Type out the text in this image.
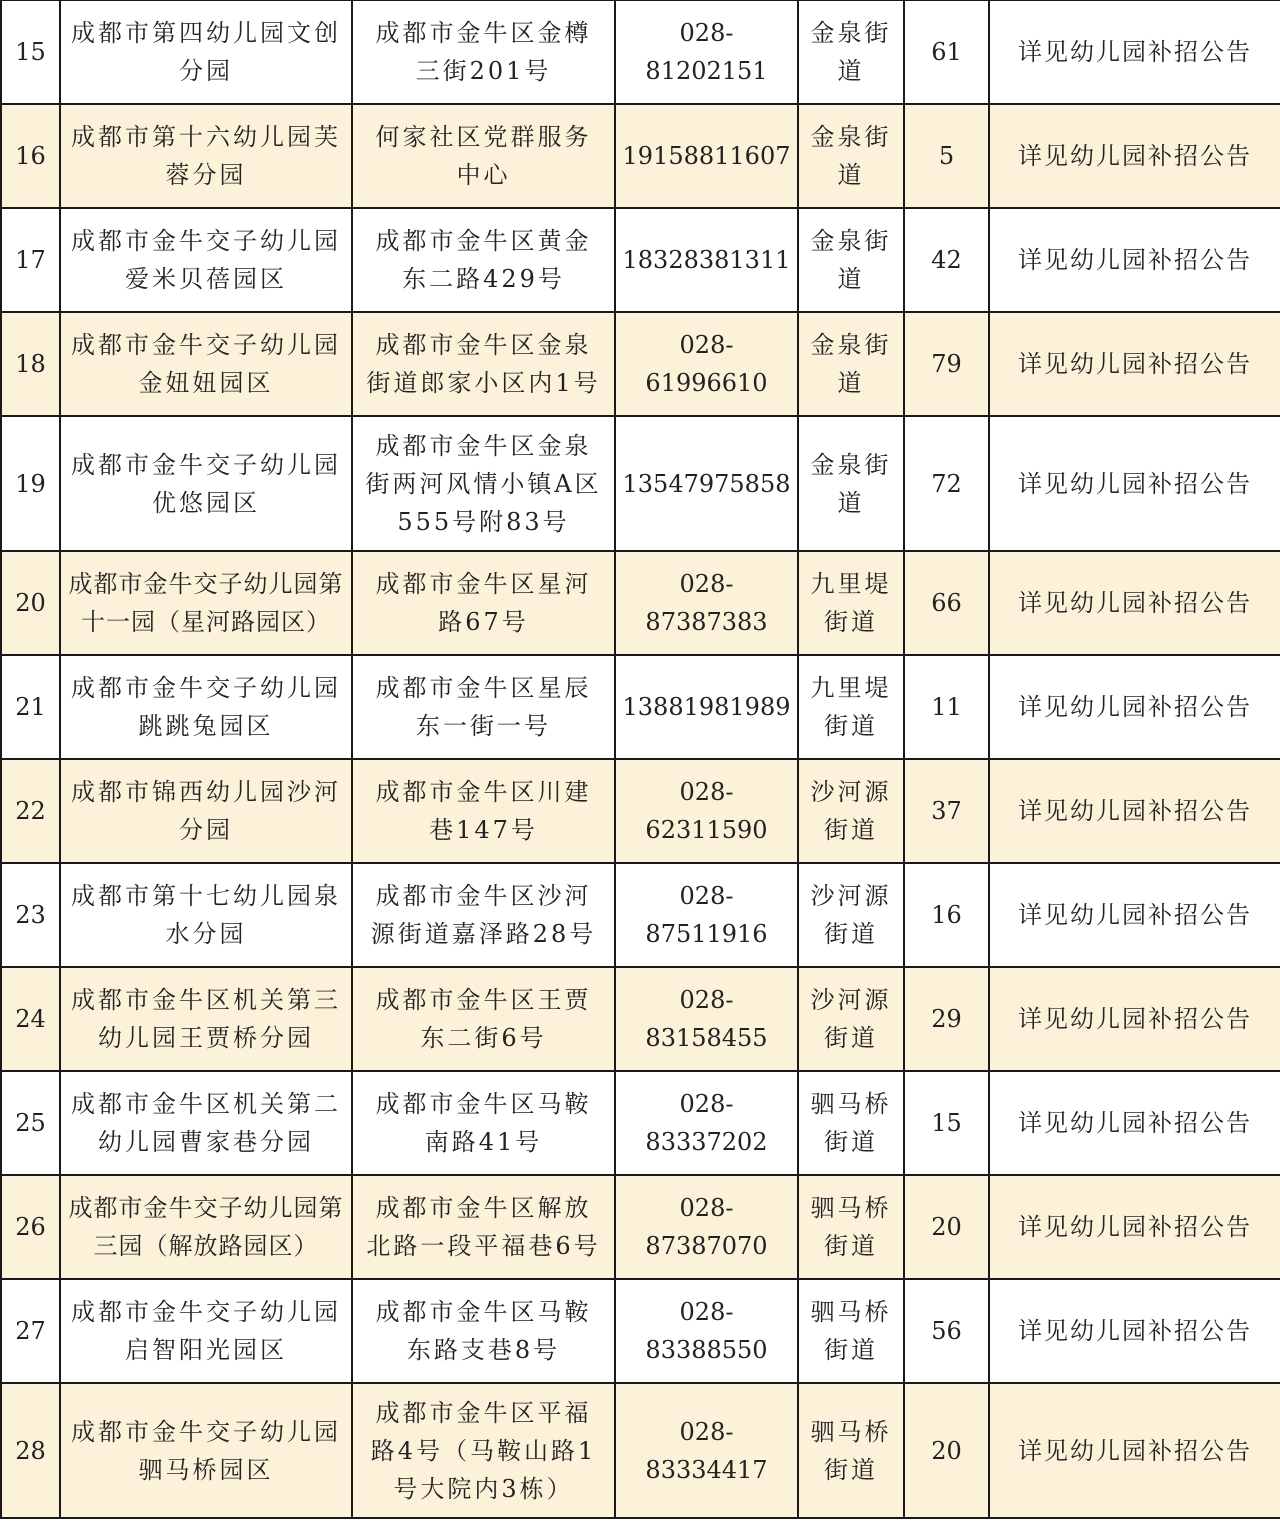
15	成都市第四幼儿园文创分园	成都市金牛区金樽三街201号	028-81202151	金泉街道	61	详见幼儿园补招公告
16	成都市第十六幼儿园芙蓉分园	何家社区党群服务中心	19158811607	金泉街道	5	详见幼儿园补招公告
17	成都市金牛交子幼儿园爱米贝蓓园区	成都市金牛区黄金东二路429号	18328381311	金泉街道	42	详见幼儿园补招公告
18	成都市金牛交子幼儿园金妞妞园区	成都市金牛区金泉街道郎家小区内1号	028-61996610	金泉街道	79	详见幼儿园补招公告
19	成都市金牛交子幼儿园优悠园区	成都市金牛区金泉街两河风情小镇A区555号附83号	13547975858	金泉街道	72	详见幼儿园补招公告
20	成都市金牛交子幼儿园第十一园（星河路园区）	成都市金牛区星河路67号	028-87387383	九里堤街道	66	详见幼儿园补招公告
21	成都市金牛交子幼儿园跳跳兔园区	成都市金牛区星辰东一街一号	13881981989	九里堤街道	11	详见幼儿园补招公告
22	成都市锦西幼儿园沙河分园	成都市金牛区川建巷147号	028-62311590	沙河源街道	37	详见幼儿园补招公告
23	成都市第十七幼儿园泉水分园	成都市金牛区沙河源街道嘉泽路28号	028-87511916	沙河源街道	16	详见幼儿园补招公告
24	成都市金牛区机关第三幼儿园王贾桥分园	成都市金牛区王贾东二街6号	028-83158455	沙河源街道	29	详见幼儿园补招公告
25	成都市金牛区机关第二幼儿园曹家巷分园	成都市金牛区马鞍南路41号	028-83337202	驷马桥街道	15	详见幼儿园补招公告
26	成都市金牛交子幼儿园第三园（解放路园区）	成都市金牛区解放北路一段平福巷6号	028-87387070	驷马桥街道	20	详见幼儿园补招公告
27	成都市金牛交子幼儿园启智阳光园区	成都市金牛区马鞍东路支巷8号	028-83388550	驷马桥街道	56	详见幼儿园补招公告
28	成都市金牛交子幼儿园驷马桥园区	成都市金牛区平福路4号（马鞍山路1号大院内3栋）	028-83334417	驷马桥街道	20	详见幼儿园补招公告
